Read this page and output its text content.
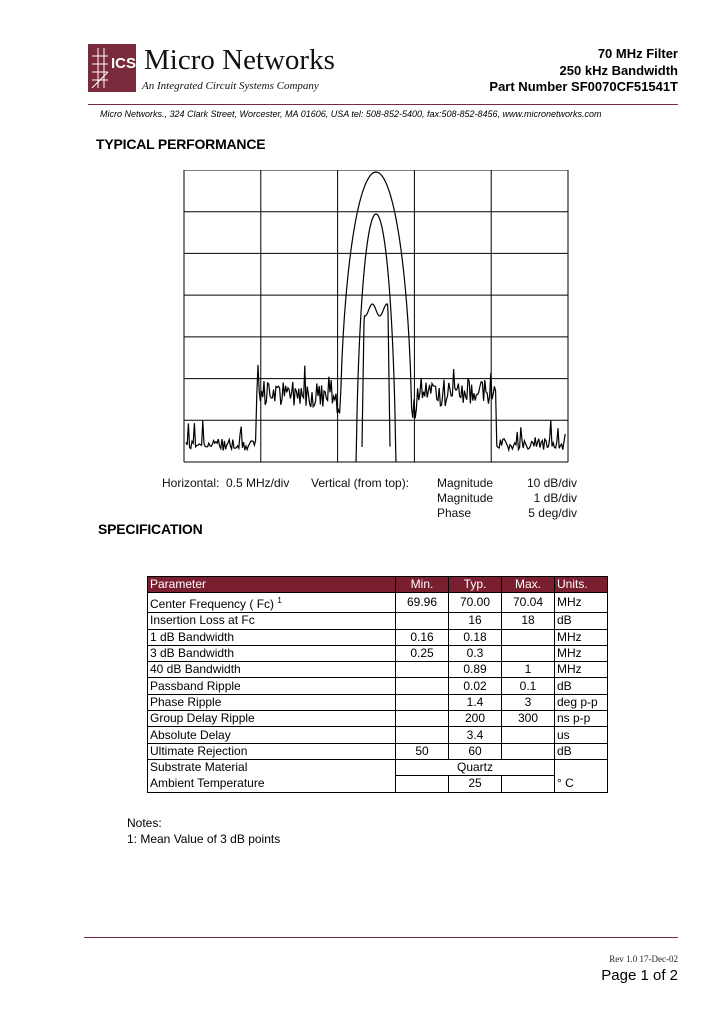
ICS Micro Networks
An Integrated Circuit Systems Company
70 MHz Filter
250 kHz Bandwidth
Part Number SF0070CF51541T
Micro Networks., 324 Clark Street, Worcester, MA 01606, USA tel: 508-852-5400, fax:508-852-8456, www.micronetworks.com
TYPICAL PERFORMANCE
Horizontal: 0.5 MHz/div Vertical (from top): Magnitude
Magnitude
Phase
10 dB/div
1 dB/div
5 deg/div
SPECIFICATION
Parameter	Min.	Typ.	Max.	Units.
Center Frequency ( Fc) $^1$	69.96	70.00	70.04	MHz
Insertion Loss at Fc		16	18	dB
1 dB Bandwidth	0.16	0.18		MHz
3 dB Bandwidth	0.25	0.3		MHz
40 dB Bandwidth		0.89	1	MHz
Passband Ripple		0.02	0.1	dB
Phase Ripple		1.4	3	deg p-p
Group Delay Ripple		200	300	ns p-p
Absolute Delay		3.4		us
Ultimate Rejection	50	60		dB
Substrate Material	Quartz			
Ambient Temperature		25		° C
Notes:
1: Mean Value of 3 dB points
Rev 1.0 17-Dec-02
Page 1 of 2
